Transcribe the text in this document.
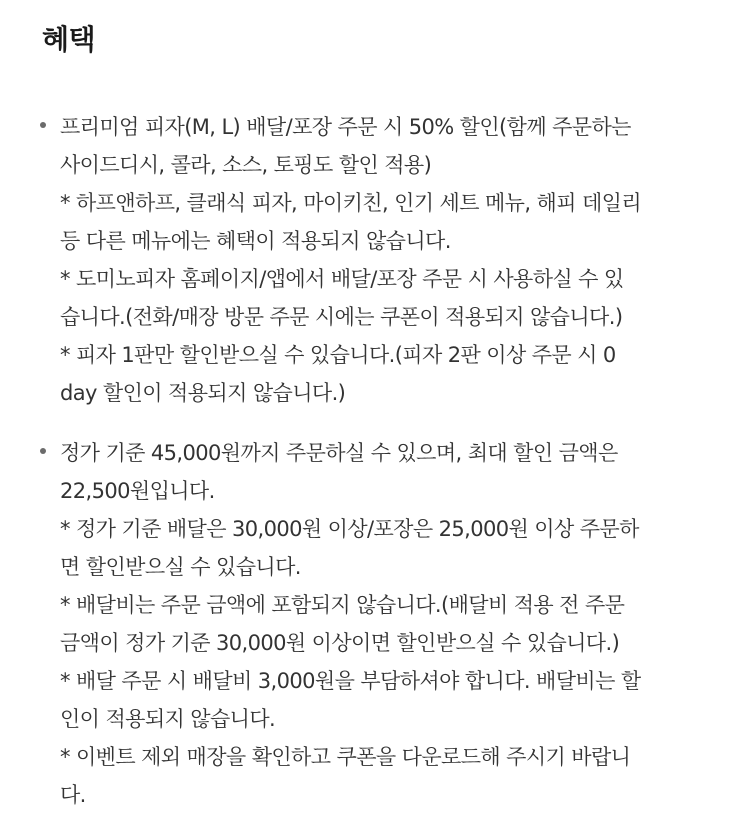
혜택
프리미엄 피자(M, L) 배달/포장 주문 시 50% 할인(함께 주문하는
사이드디시, 콜라, 소스, 토핑도 할인 적용)
* 하프앤하프, 클래식 피자, 마이키친, 인기 세트 메뉴, 해피 데일리
등 다른 메뉴에는 혜택이 적용되지 않습니다.
* 도미노피자 홈페이지/앱에서 배달/포장 주문 시 사용하실 수 있
습니다.(전화/매장 방문 주문 시에는 쿠폰이 적용되지 않습니다.)
* 피자 1판만 할인받으실 수 있습니다.(피자 2판 이상 주문 시 0
day 할인이 적용되지 않습니다.)
정가 기준 45,000원까지 주문하실 수 있으며, 최대 할인 금액은
22,500원입니다.
* 정가 기준 배달은 30,000원 이상/포장은 25,000원 이상 주문하
면 할인받으실 수 있습니다.
* 배달비는 주문 금액에 포함되지 않습니다.(배달비 적용 전 주문
금액이 정가 기준 30,000원 이상이면 할인받으실 수 있습니다.)
* 배달 주문 시 배달비 3,000원을 부담하셔야 합니다. 배달비는 할
인이 적용되지 않습니다.
* 이벤트 제외 매장을 확인하고 쿠폰을 다운로드해 주시기 바랍니
다.
